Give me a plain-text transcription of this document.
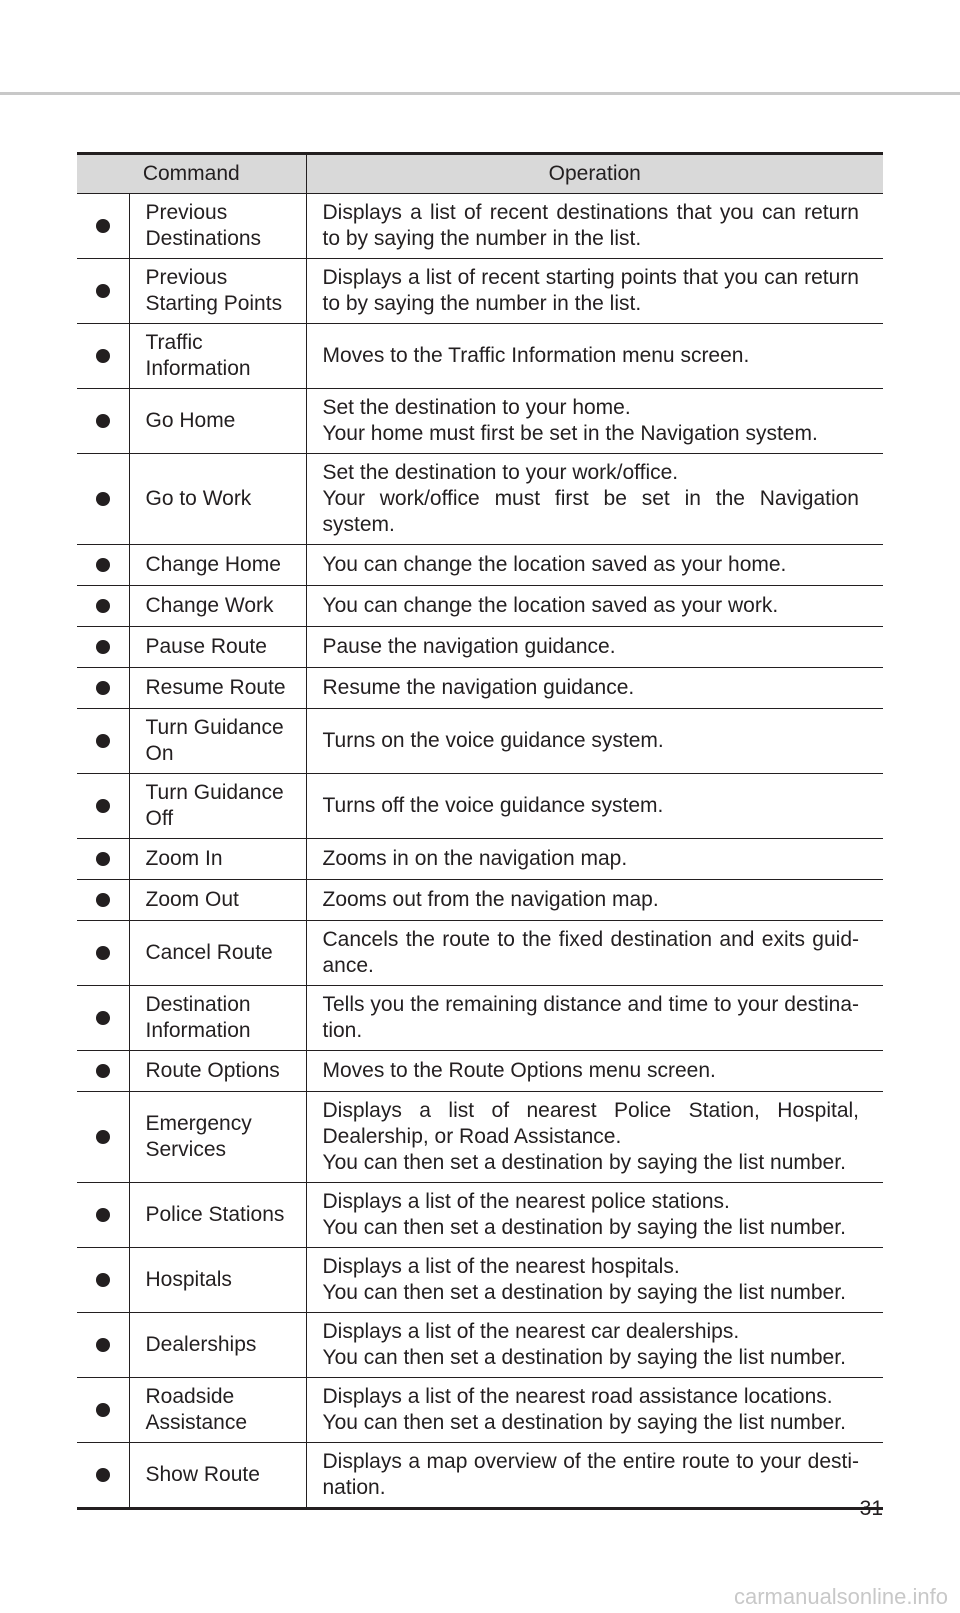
Command		Operation

	Previous
Destinations	Displays a list of recent destinations that you can return to by saying the number in the list.

	Previous
Starting Points	Displays a list of recent starting points that you can return to by saying the number in the list.

	Traffic
Information	Moves to the Traffic Information menu screen.

	Go Home	Set the destination to your home.
Your home must first be set in the Navigation system.

	Go to Work	Set the destination to your work/office.
Your work/office must first be set in the Navigation system.

	Change Home	You can change the location saved as your home.

	Change Work	You can change the location saved as your work.

	Pause Route	Pause the navigation guidance.

	Resume Route	Resume the navigation guidance.

	Turn Guidance
On	Turns on the voice guidance system.

	Turn Guidance
Off	Turns off the voice guidance system.

	Zoom In	Zooms in on the navigation map.

	Zoom Out	Zooms out from the navigation map.

	Cancel Route	Cancels the route to the fixed destination and exits guid-ance.

	Destination
Information	Tells you the remaining distance and time to your destina-tion.

	Route Options	Moves to the Route Options menu screen.

	Emergency
Services	Displays a list of nearest Police Station, Hospital, Dealership, or Road Assistance.
You can then set a destination by saying the list number.

	Police Stations	Displays a list of the nearest police stations.
You can then set a destination by saying the list number.

	Hospitals	Displays a list of the nearest hospitals.
You can then set a destination by saying the list number.

	Dealerships	Displays a list of the nearest car dealerships.
You can then set a destination by saying the list number.

	Roadside
Assistance	Displays a list of the nearest road assistance locations.
You can then set a destination by saying the list number.

	Show Route	Displays a map overview of the entire route to your desti-nation.
31
carmanualsonline.info
